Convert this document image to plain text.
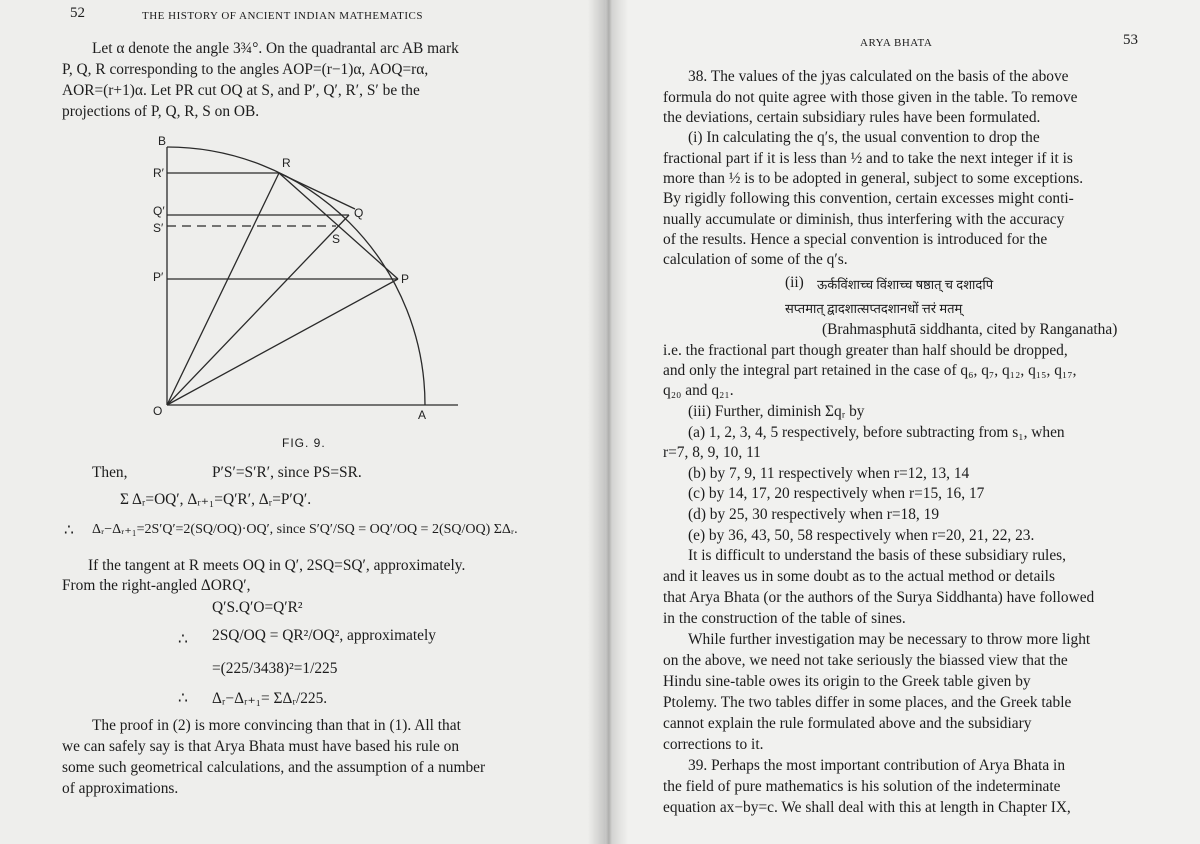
52	THE HISTORY OF ANCIENT INDIAN MATHEMATICS
Let α denote the angle 3¾°. On the quadrantal arc AB mark
P, Q, R corresponding to the angles AOP=(r−1)α, AOQ=rα,
AOR=(r+1)α. Let PR cut OQ at S, and P′, Q′, R′, S′ be the
projections of P, Q, R, S on OB.
B
R′
R
Q′
S′
Q
S
P′	P
O	A
FIG. 9.
Then,	P′S′=S′R′, since PS=SR.
Σ Δᵣ=OQ′, Δᵣ₊₁=Q′R′, Δᵣ=P′Q′.
∴ Δᵣ−Δᵣ₊₁=2S′Q′=2(SQ/OQ)·OQ′, since S′Q′/SQ = OQ′/OQ = 2(SQ/OQ) ΣΔᵣ.
If the tangent at R meets OQ in Q′, 2SQ=SQ′, approximately.
From the right-angled ΔORQ′,
Q′S.Q′O=Q′R²
∴ 2SQ/OQ = QR²/OQ², approximately
=(225/3438)²=1/225
∴ Δᵣ−Δᵣ₊₁= ΣΔᵣ/225.
The proof in (2) is more convincing than that in (1). All that
we can safely say is that Arya Bhata must have based his rule on
some such geometrical calculations, and the assumption of a number
of approximations.
ARYA BHATA	53
38. The values of the jyas calculated on the basis of the above
formula do not quite agree with those given in the table. To remove
the deviations, certain subsidiary rules have been formulated.
(i) In calculating the q′s, the usual convention to drop the
fractional part if it is less than ½ and to take the next integer if it is
more than ½ is to be adopted in general, subject to some exceptions.
By rigidly following this convention, certain excesses might conti-
nually accumulate or diminish, thus interfering with the accuracy
of the results. Hence a special convention is introduced for the
calculation of some of the q′s.
(ii) ऊर्कविंशाच्च विंशाच्च षष्ठात्‌ च दशादपि
सप्तमात्‌ द्वादशात्सप्तदशानधों त्तरं मतम्‌
(Brahmasphutā siddhanta, cited by Ranganatha)
i.e. the fractional part though greater than half should be dropped,
and only the integral part retained in the case of q₆, q₇, q₁₂, q₁₅, q₁₇,
q₂₀ and q₂₁.
(iii) Further, diminish Σqᵣ by
(a) 1, 2, 3, 4, 5 respectively, before subtracting from s₁, when
r=7, 8, 9, 10, 11
(b) by 7, 9, 11 respectively when r=12, 13, 14
(c) by 14, 17, 20 respectively when r=15, 16, 17
(d) by 25, 30 respectively when r=18, 19
(e) by 36, 43, 50, 58 respectively when r=20, 21, 22, 23.
It is difficult to understand the basis of these subsidiary rules,
and it leaves us in some doubt as to the actual method or details
that Arya Bhata (or the authors of the Surya Siddhanta) have followed
in the construction of the table of sines.
While further investigation may be necessary to throw more light
on the above, we need not take seriously the biassed view that the
Hindu sine-table owes its origin to the Greek table given by
Ptolemy. The two tables differ in some places, and the Greek table
cannot explain the rule formulated above and the subsidiary
corrections to it.
39. Perhaps the most important contribution of Arya Bhata in
the field of pure mathematics is his solution of the indeterminate
equation ax−by=c. We shall deal with this at length in Chapter IX,
